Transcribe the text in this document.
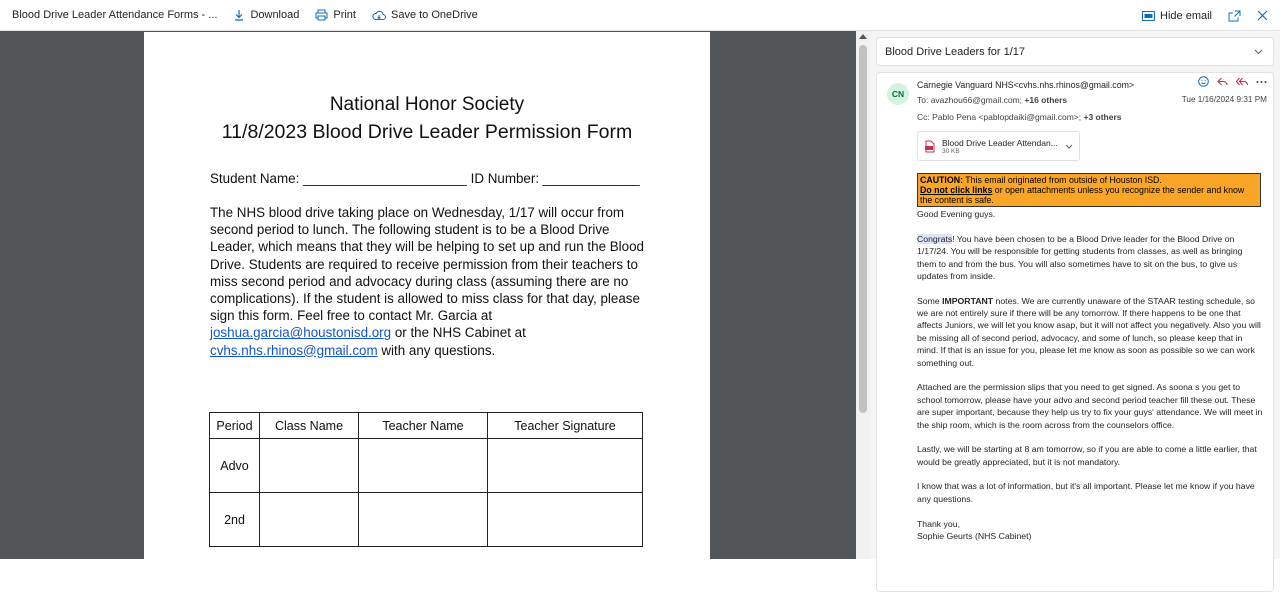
Blood Drive Leader Attendance Forms - ...	Download	Print	Save to OneDrive	Hide email
National Honor Society
11/8/2023 Blood Drive Leader Permission Form
Student Name: ______________________ ID Number: _____________
The NHS blood drive taking place on Wednesday, 1/17 will occur from second period to lunch. The following student is to be a Blood Drive Leader, which means that they will be helping to set up and run the Blood Drive. Students are required to receive permission from their teachers to miss second period and advocacy during class (assuming there are no complications). If the student is allowed to miss class for that day, please sign this form. Feel free to contact Mr. Garcia at joshua.garcia@houstonisd.org or the NHS Cabinet at cvhs.nhs.rhinos@gmail.com with any questions.
Period	Class Name	Teacher Name	Teacher Signature
Advo			
2nd			
Blood Drive Leaders for 1/17
CN
Carnegie Vanguard NHS<cvhs.nhs.rhinos@gmail.com>
To: avazhou66@gmail.com; +16 others	Tue 1/16/2024 9:31 PM
Cc: Pablo Pena <pablopdaiki@gmail.com>; +3 others
Blood Drive Leader Attendan...
30 KB
CAUTION: This email originated from outside of Houston ISD.
Do not click links or open attachments unless you recognize the sender and know the content is safe.

Good Evening guys.

Congrats! You have been chosen to be a Blood Drive leader for the Blood Drive on 1/17/24. You will be responsible for getting students from classes, as well as bringing them to and from the bus. You will also sometimes have to sit on the bus, to give us updates from inside.

Some IMPORTANT notes. We are currently unaware of the STAAR testing schedule, so we are not entirely sure if there will be any tomorrow. If there happens to be one that affects Juniors, we will let you know asap, but it will not affect you negatively. Also you will be missing all of second period, advocacy, and some of lunch, so please keep that in mind. If that is an issue for you, please let me know as soon as possible so we can work something out.

Attached are the permission slips that you need to get signed. As soona s you get to school tomorrow, please have your advo and second period teacher fill these out. These are super important, because they help us try to fix your guys' attendance. We will meet in the ship room, which is the room across from the counselors office.

Lastly, we will be starting at 8 am tomorrow, so if you are able to come a little earlier, that would be greatly appreciated, but it is not mandatory.

I know that was a lot of information, but it's all important. Please let me know if you have any questions.

Thank you,
Sophie Geurts (NHS Cabinet)
